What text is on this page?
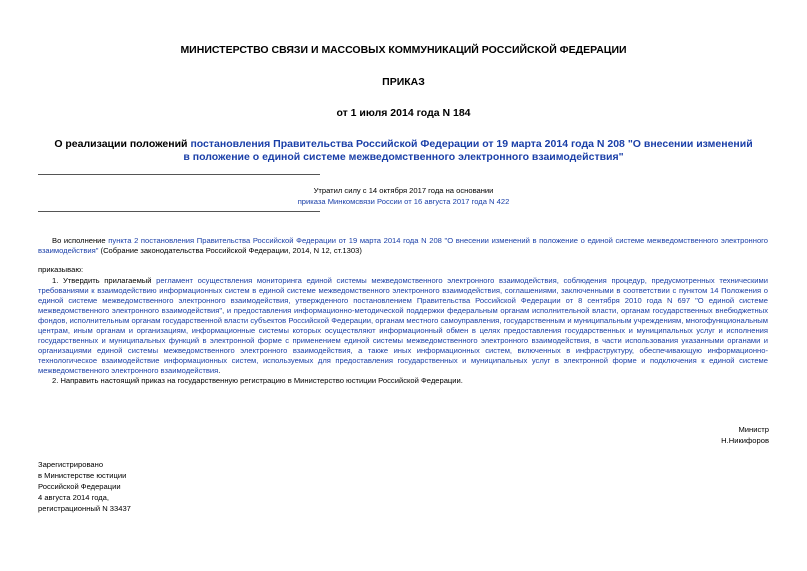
МИНИСТЕРСТВО СВЯЗИ И МАССОВЫХ КОММУНИКАЦИЙ РОССИЙСКОЙ ФЕДЕРАЦИИ
ПРИКАЗ
от 1 июля 2014 года N 184
О реализации положений постановления Правительства Российской Федерации от 19 марта 2014 года N 208 "О внесении изменений в положение о единой системе межведомственного электронного взаимодействия"
Утратил силу с 14 октября 2017 года на основании
приказа Минкомсвязи России от 16 августа 2017 года N 422
Во исполнение пункта 2 постановления Правительства Российской Федерации от 19 марта 2014 года N 208 "О внесении изменений в положение о единой системе межведомственного электронного взаимодействия" (Собрание законодательства Российской Федерации, 2014, N 12, ст.1303)
приказываю:
1. Утвердить прилагаемый регламент осуществления мониторинга единой системы межведомственного электронного взаимодействия, соблюдения процедур, предусмотренных техническими требованиями к взаимодействию информационных систем в единой системе межведомственного электронного взаимодействия, соглашениями, заключенными в соответствии с пунктом 14 Положения о единой системе межведомственного электронного взаимодействия, утвержденного постановлением Правительства Российской Федерации от 8 сентября 2010 года N 697 "О единой системе межведомственного электронного взаимодействия", и предоставления информационно-методической поддержки федеральным органам исполнительной власти, органам государственных внебюджетных фондов, исполнительным органам государственной власти субъектов Российской Федерации, органам местного самоуправления, государственным и муниципальным учреждениям, многофункциональным центрам, иным органам и организациям, информационные системы которых осуществляют информационный обмен в целях предоставления государственных и муниципальных услуг и исполнения государственных и муниципальных функций в электронной форме с применением единой системы межведомственного электронного взаимодействия, в части использования указанными органами и организациями единой системы межведомственного электронного взаимодействия, а также иных информационных систем, включенных в инфраструктуру, обеспечивающую информационно-технологическое взаимодействие информационных систем, используемых для предоставления государственных и муниципальных услуг в электронной форме и подключения к единой системе межведомственного электронного взаимодействия.
2. Направить настоящий приказ на государственную регистрацию в Министерство юстиции Российской Федерации.
Министр
Н.Никифоров
Зарегистрировано
в Министерстве юстиции
Российской Федерации
4 августа 2014 года,
регистрационный N 33437
